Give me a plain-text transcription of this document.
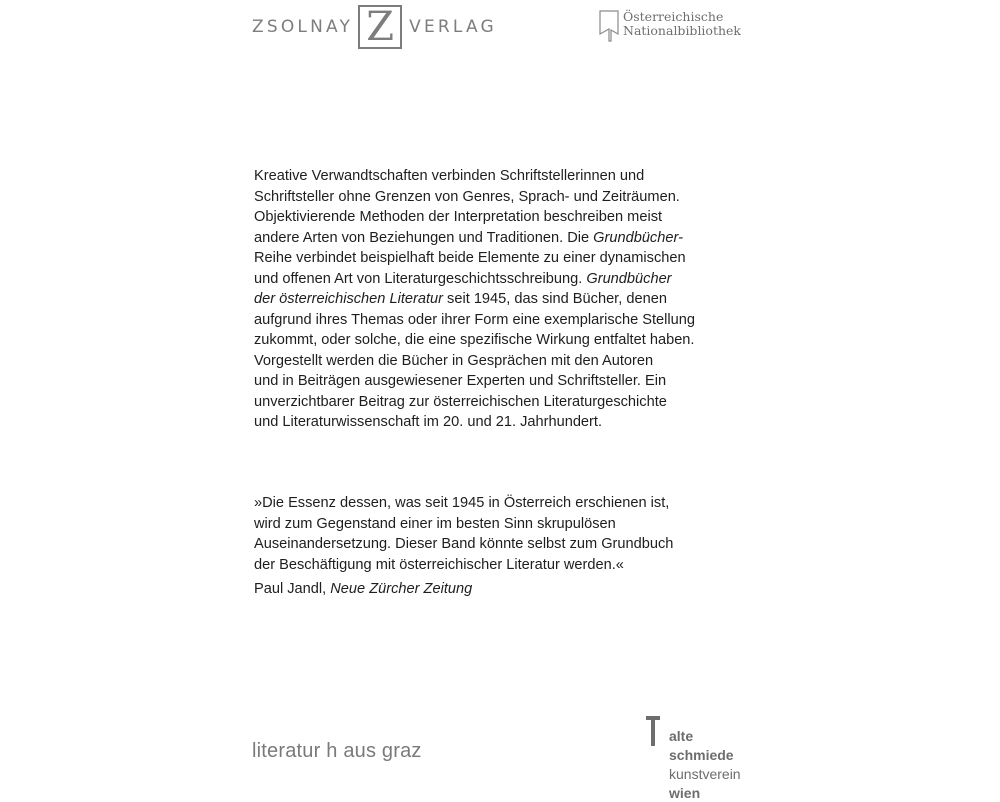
ZSOLNAY Z VERLAG
Österreichische
Nationalbibliothek
Kreative Verwandtschaften verbinden Schriftstellerinnen und
Schriftsteller ohne Grenzen von Genres, Sprach- und Zeiträumen.
Objektivierende Methoden der Interpretation beschreiben meist
andere Arten von Beziehungen und Traditionen. Die Grundbücher-
Reihe verbindet beispielhaft beide Elemente zu einer dynamischen
und offenen Art von Literaturgeschichtsschreibung. Grundbücher
der österreichischen Literatur seit 1945, das sind Bücher, denen
aufgrund ihres Themas oder ihrer Form eine exemplarische Stellung
zukommt, oder solche, die eine spezifische Wirkung entfaltet haben.
Vorgestellt werden die Bücher in Gesprächen mit den Autoren
und in Beiträgen ausgewiesener Experten und Schriftsteller. Ein
unverzichtbarer Beitrag zur österreichischen Literaturgeschichte
und Literaturwissenschaft im 20. und 21. Jahrhundert.
»Die Essenz dessen, was seit 1945 in Österreich erschienen ist,
wird zum Gegenstand einer im besten Sinn skrupulösen
Auseinandersetzung. Dieser Band könnte selbst zum Grundbuch
der Beschäftigung mit österreichischer Literatur werden.«
Paul Jandl, Neue Zürcher Zeitung
literatur h aus graz
alte
schmiede
kunstverein
wien
